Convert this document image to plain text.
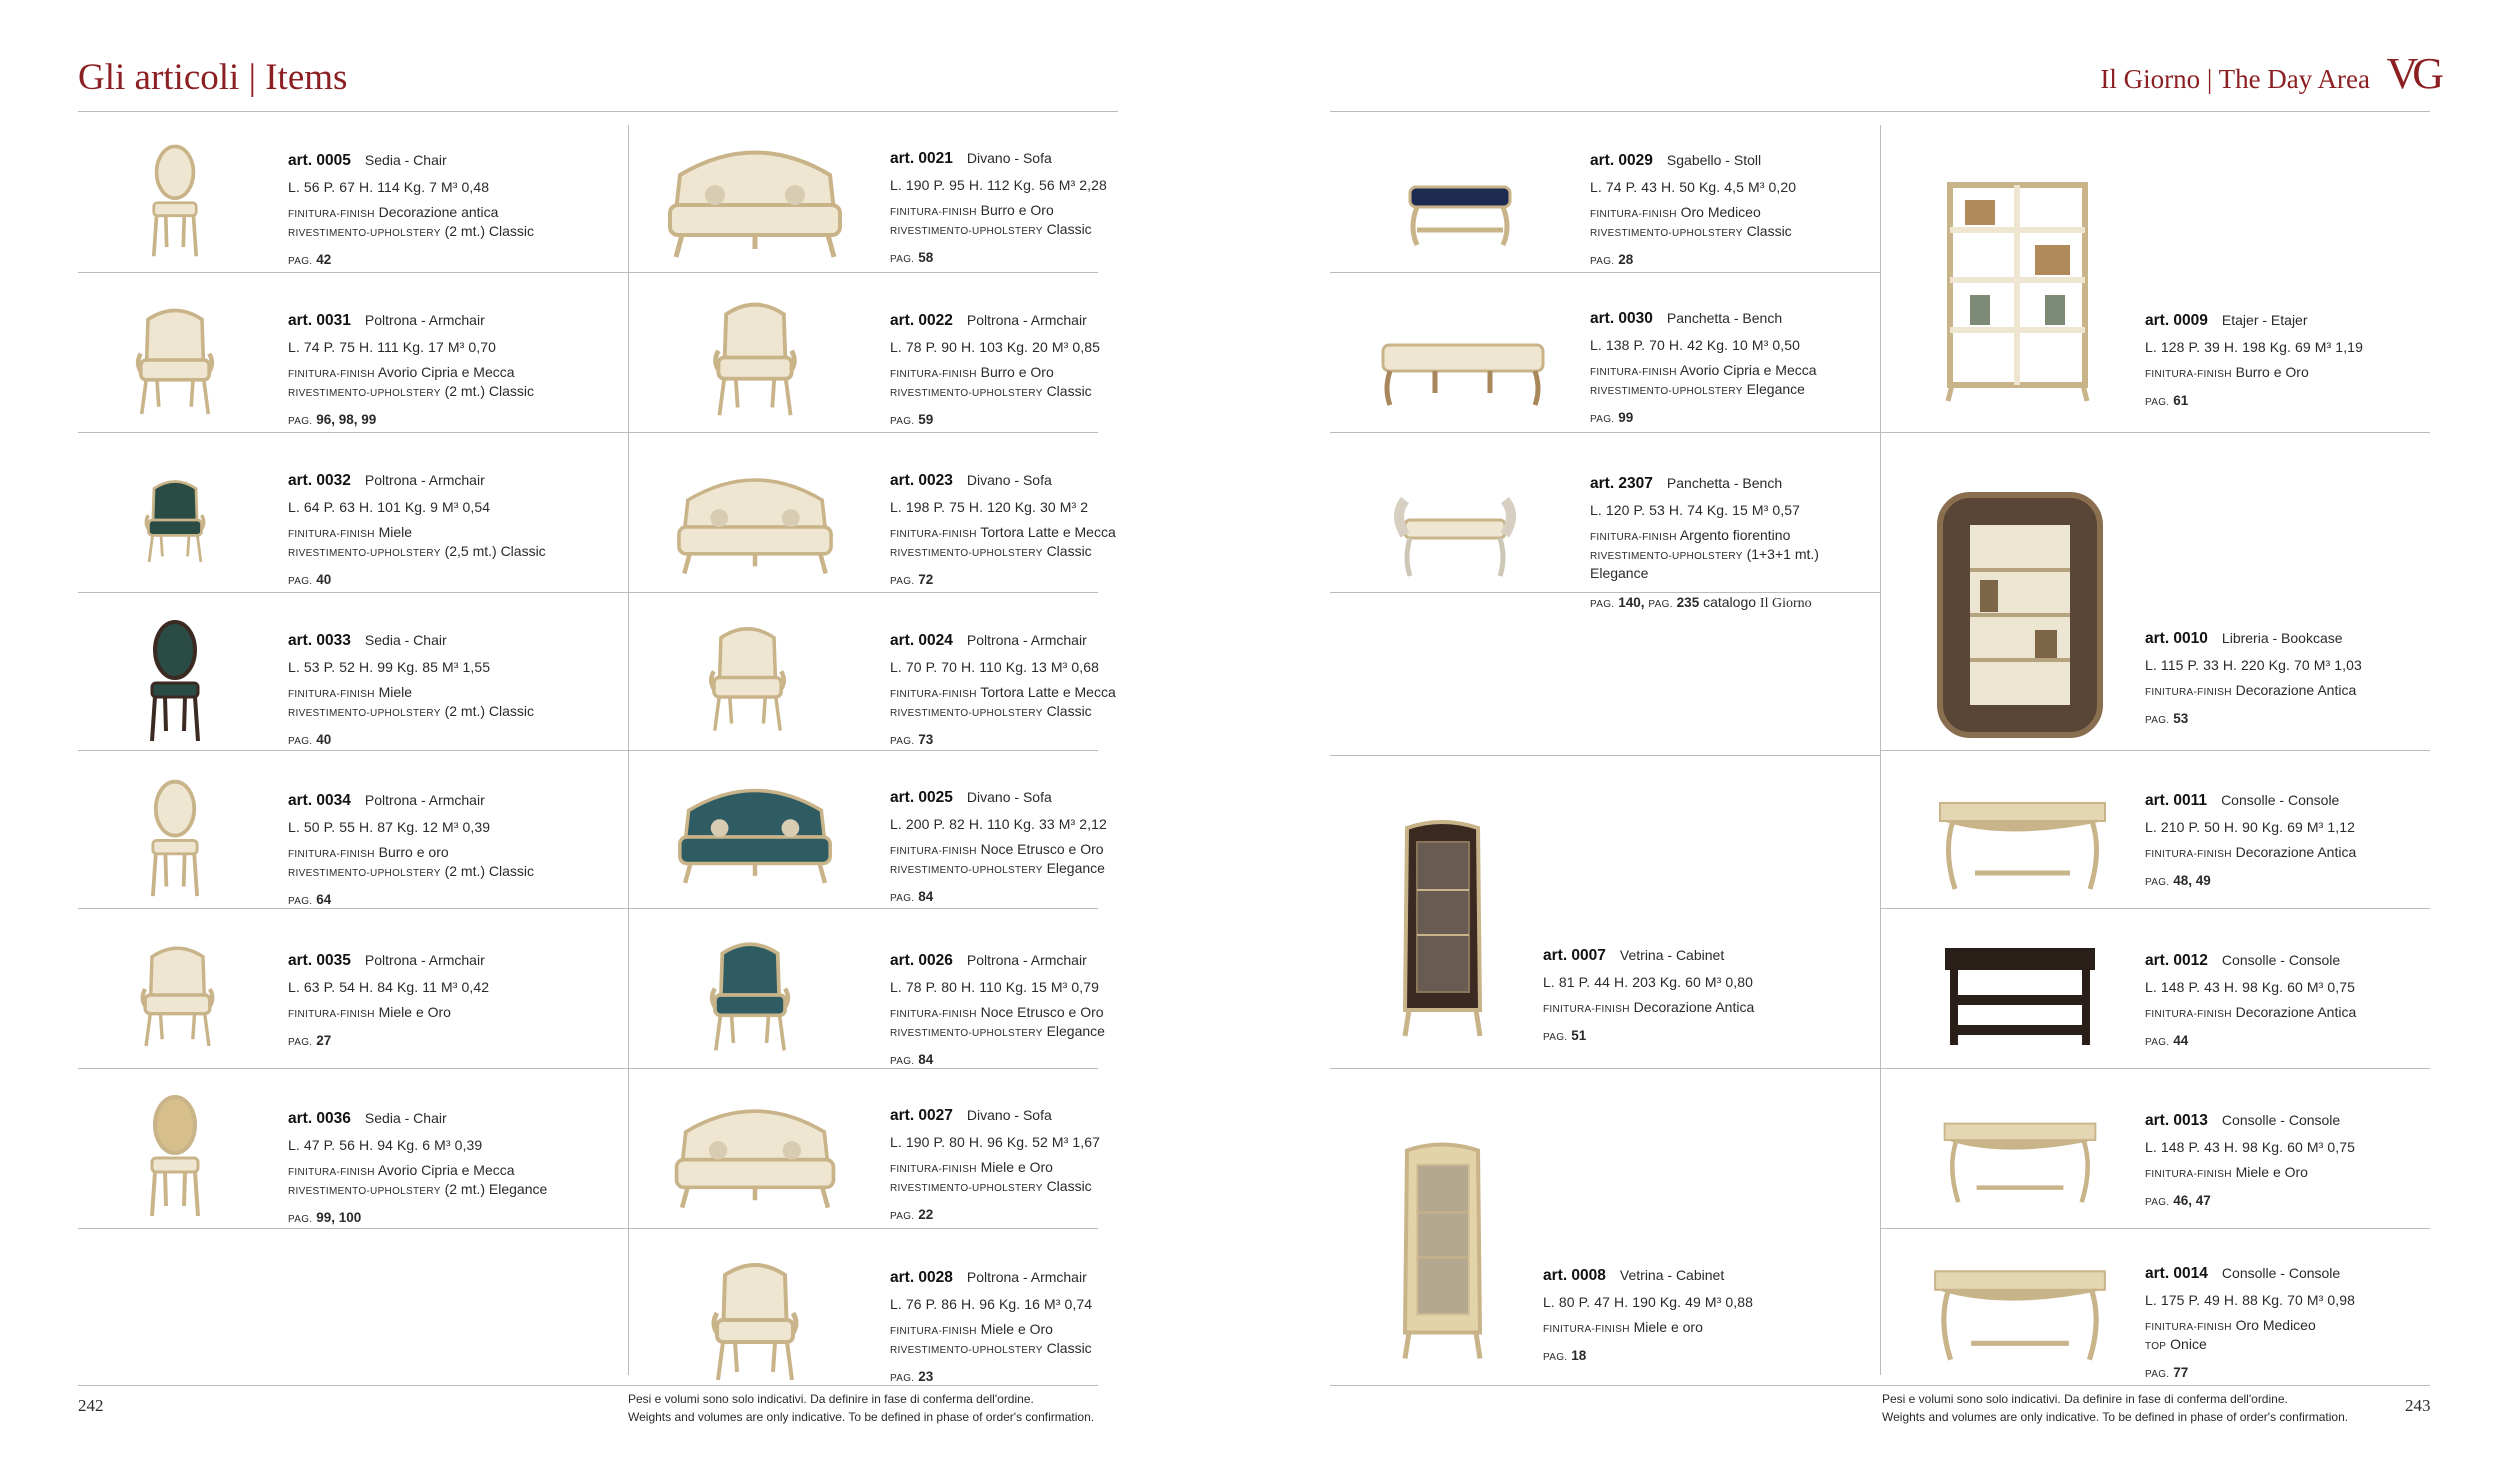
Gli articoli | Items	Il Giorno | The Day Area VG
art. 0005 Sedia - Chair
L. 56 P. 67 H. 114 Kg. 7 M³ 0,48
FINITURA-FINISH Decorazione antica
RIVESTIMENTO-UPHOLSTERY (2 mt.) Classic
PAG. 42
art. 0031 Poltrona - Armchair
L. 74 P. 75 H. 111 Kg. 17 M³ 0,70
FINITURA-FINISH Avorio Cipria e Mecca
RIVESTIMENTO-UPHOLSTERY (2 mt.) Classic
PAG. 96, 98, 99
art. 0032 Poltrona - Armchair
L. 64 P. 63 H. 101 Kg. 9 M³ 0,54
FINITURA-FINISH Miele
RIVESTIMENTO-UPHOLSTERY (2,5 mt.) Classic
PAG. 40
art. 0033 Sedia - Chair
L. 53 P. 52 H. 99 Kg. 85 M³ 1,55
FINITURA-FINISH Miele
RIVESTIMENTO-UPHOLSTERY (2 mt.) Classic
PAG. 40
art. 0034 Poltrona - Armchair
L. 50 P. 55 H. 87 Kg. 12 M³ 0,39
FINITURA-FINISH Burro e oro
RIVESTIMENTO-UPHOLSTERY (2 mt.) Classic
PAG. 64
art. 0035 Poltrona - Armchair
L. 63 P. 54 H. 84 Kg. 11 M³ 0,42
FINITURA-FINISH Miele e Oro
PAG. 27
art. 0036 Sedia - Chair
L. 47 P. 56 H. 94 Kg. 6 M³ 0,39
FINITURA-FINISH Avorio Cipria e Mecca
RIVESTIMENTO-UPHOLSTERY (2 mt.) Elegance
PAG. 99, 100
art. 0021 Divano - Sofa
L. 190 P. 95 H. 112 Kg. 56 M³ 2,28
FINITURA-FINISH Burro e Oro
RIVESTIMENTO-UPHOLSTERY Classic
PAG. 58
art. 0022 Poltrona - Armchair
L. 78 P. 90 H. 103 Kg. 20 M³ 0,85
FINITURA-FINISH Burro e Oro
RIVESTIMENTO-UPHOLSTERY Classic
PAG. 59
art. 0023 Divano - Sofa
L. 198 P. 75 H. 120 Kg. 30 M³ 2
FINITURA-FINISH Tortora Latte e Mecca
RIVESTIMENTO-UPHOLSTERY Classic
PAG. 72
art. 0024 Poltrona - Armchair
L. 70 P. 70 H. 110 Kg. 13 M³ 0,68
FINITURA-FINISH Tortora Latte e Mecca
RIVESTIMENTO-UPHOLSTERY Classic
PAG. 73
art. 0025 Divano - Sofa
L. 200 P. 82 H. 110 Kg. 33 M³ 2,12
FINITURA-FINISH Noce Etrusco e Oro
RIVESTIMENTO-UPHOLSTERY Elegance
PAG. 84
art. 0026 Poltrona - Armchair
L. 78 P. 80 H. 110 Kg. 15 M³ 0,79
FINITURA-FINISH Noce Etrusco e Oro
RIVESTIMENTO-UPHOLSTERY Elegance
PAG. 84
art. 0027 Divano - Sofa
L. 190 P. 80 H. 96 Kg. 52 M³ 1,67
FINITURA-FINISH Miele e Oro
RIVESTIMENTO-UPHOLSTERY Classic
PAG. 22
art. 0028 Poltrona - Armchair
L. 76 P. 86 H. 96 Kg. 16 M³ 0,74
FINITURA-FINISH Miele e Oro
RIVESTIMENTO-UPHOLSTERY Classic
PAG. 23
art. 0029 Sgabello - Stoll
L. 74 P. 43 H. 50 Kg. 4,5 M³ 0,20
FINITURA-FINISH Oro Mediceo
RIVESTIMENTO-UPHOLSTERY Classic
PAG. 28
art. 0030 Panchetta - Bench
L. 138 P. 70 H. 42 Kg. 10 M³ 0,50
FINITURA-FINISH Avorio Cipria e Mecca
RIVESTIMENTO-UPHOLSTERY Elegance
PAG. 99
art. 2307 Panchetta - Bench
L. 120 P. 53 H. 74 Kg. 15 M³ 0,57
FINITURA-FINISH Argento fiorentino
RIVESTIMENTO-UPHOLSTERY (1+3+1 mt.) Elegance
PAG. 140, PAG. 235 catalogo Il Giorno
art. 0007 Vetrina - Cabinet
L. 81 P. 44 H. 203 Kg. 60 M³ 0,80
FINITURA-FINISH Decorazione Antica
PAG. 51
art. 0008 Vetrina - Cabinet
L. 80 P. 47 H. 190 Kg. 49 M³ 0,88
FINITURA-FINISH Miele e oro
PAG. 18
art. 0009 Etajer - Etajer
L. 128 P. 39 H. 198 Kg. 69 M³ 1,19
FINITURA-FINISH Burro e Oro
PAG. 61
art. 0010 Libreria - Bookcase
L. 115 P. 33 H. 220 Kg. 70 M³ 1,03
FINITURA-FINISH Decorazione Antica
PAG. 53
art. 0011 Consolle - Console
L. 210 P. 50 H. 90 Kg. 69 M³ 1,12
FINITURA-FINISH Decorazione Antica
PAG. 48, 49
art. 0012 Consolle - Console
L. 148 P. 43 H. 98 Kg. 60 M³ 0,75
FINITURA-FINISH Decorazione Antica
PAG. 44
art. 0013 Consolle - Console
L. 148 P. 43 H. 98 Kg. 60 M³ 0,75
FINITURA-FINISH Miele e Oro
PAG. 46, 47
art. 0014 Consolle - Console
L. 175 P. 49 H. 88 Kg. 70 M³ 0,98
FINITURA-FINISH Oro Mediceo
TOP Onice
PAG. 77
242	243
Pesi e volumi sono solo indicativi. Da definire in fase di conferma dell'ordine.
Weights and volumes are only indicative. To be defined in phase of order's confirmation.
Pesi e volumi sono solo indicativi. Da definire in fase di conferma dell'ordine.
Weights and volumes are only indicative. To be defined in phase of order's confirmation.
